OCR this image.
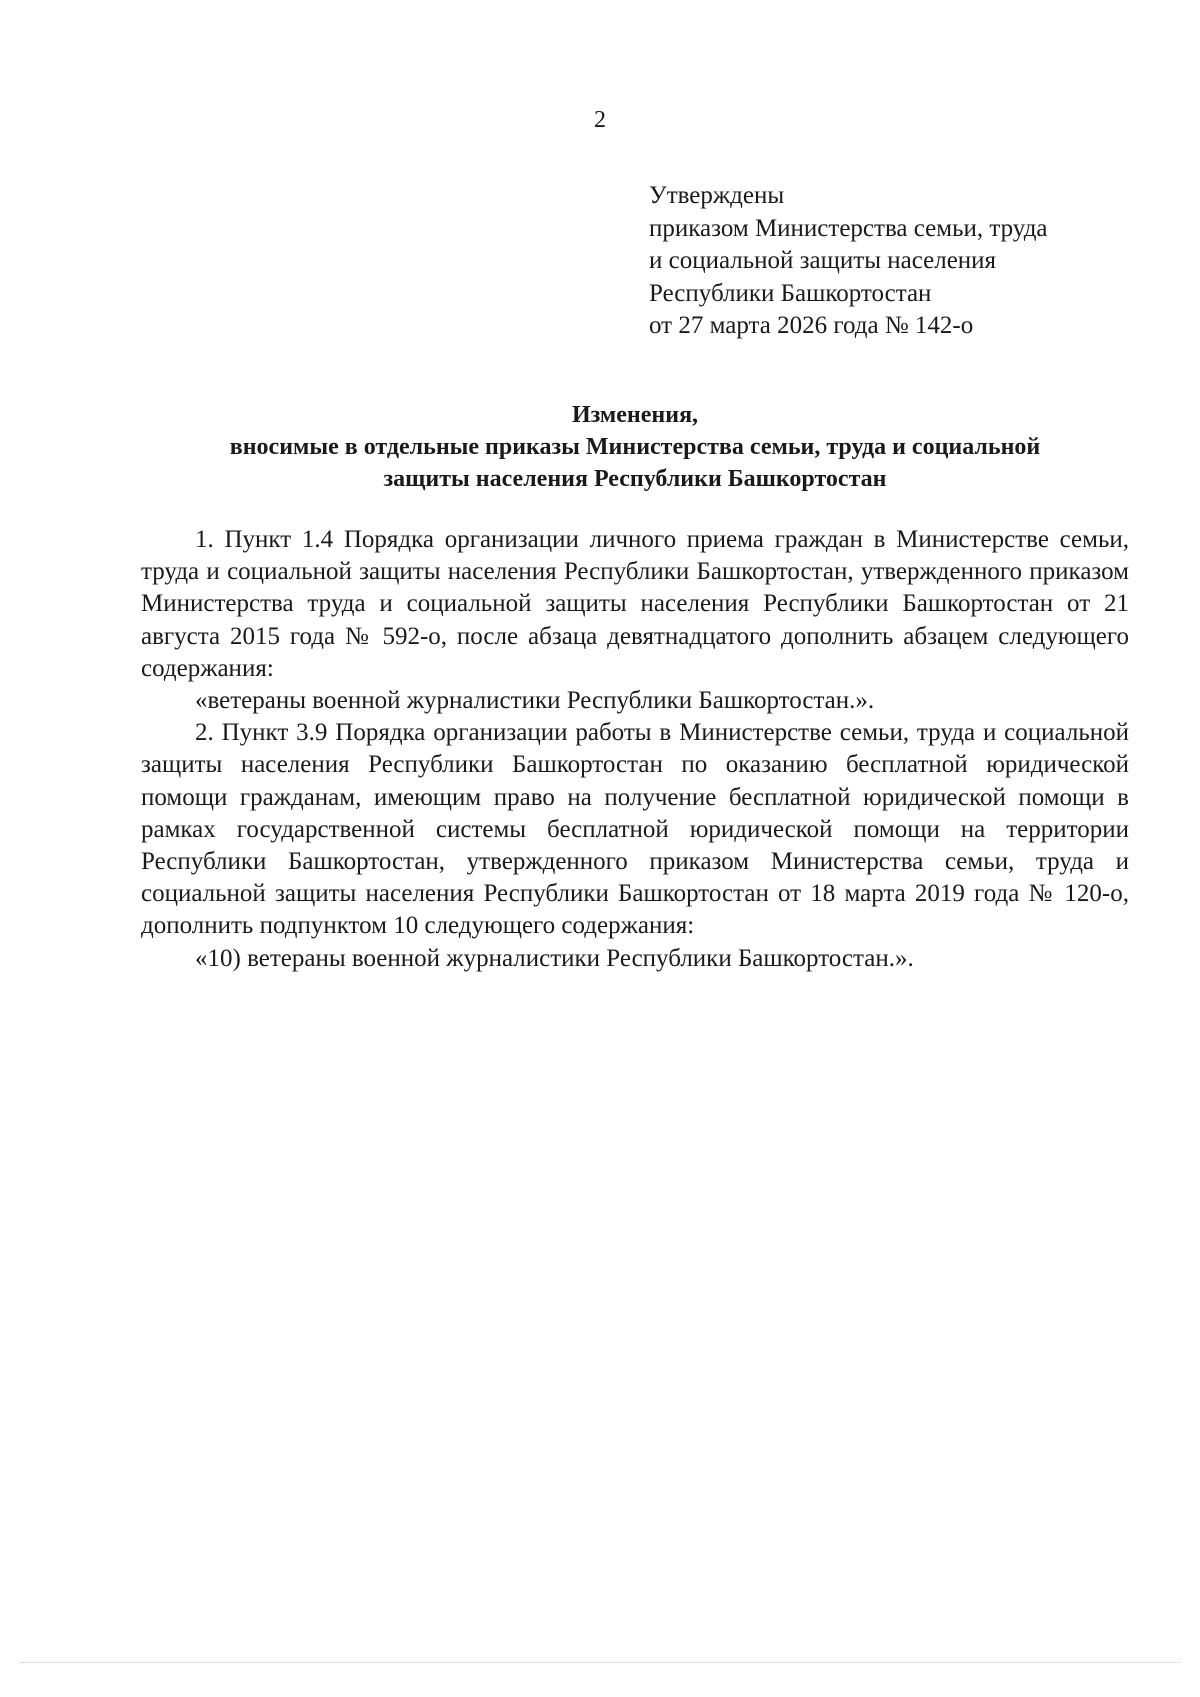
2
Утверждены
приказом Министерства семьи, труда
и социальной защиты населения
Республики Башкортостан
от 27 марта 2026 года № 142-о
Изменения,
вносимые в отдельные приказы Министерства семьи, труда и социальной
защиты населения Республики Башкортостан

1. Пункт 1.4 Порядка организации личного приема граждан в Министерстве семьи, труда и социальной защиты населения Республики Башкортостан, утвержденного приказом Министерства труда и социальной защиты населения Республики Башкортостан от 21 августа 2015 года № 592-о, после абзаца девятнадцатого дополнить абзацем следующего содержания:

«ветераны военной журналистики Республики Башкортостан.».

2. Пункт 3.9 Порядка организации работы в Министерстве семьи, труда и социальной защиты населения Республики Башкортостан по оказанию бесплатной юридической помощи гражданам, имеющим право на получение бесплатной юридической помощи в рамках государственной системы бесплатной юридической помощи на территории Республики Башкортостан, утвержденного приказом Министерства семьи, труда и социальной защиты населения Республики Башкортостан от 18 марта 2019 года № 120-о, дополнить подпунктом 10 следующего содержания:

«10) ветераны военной журналистики Республики Башкортостан.».
